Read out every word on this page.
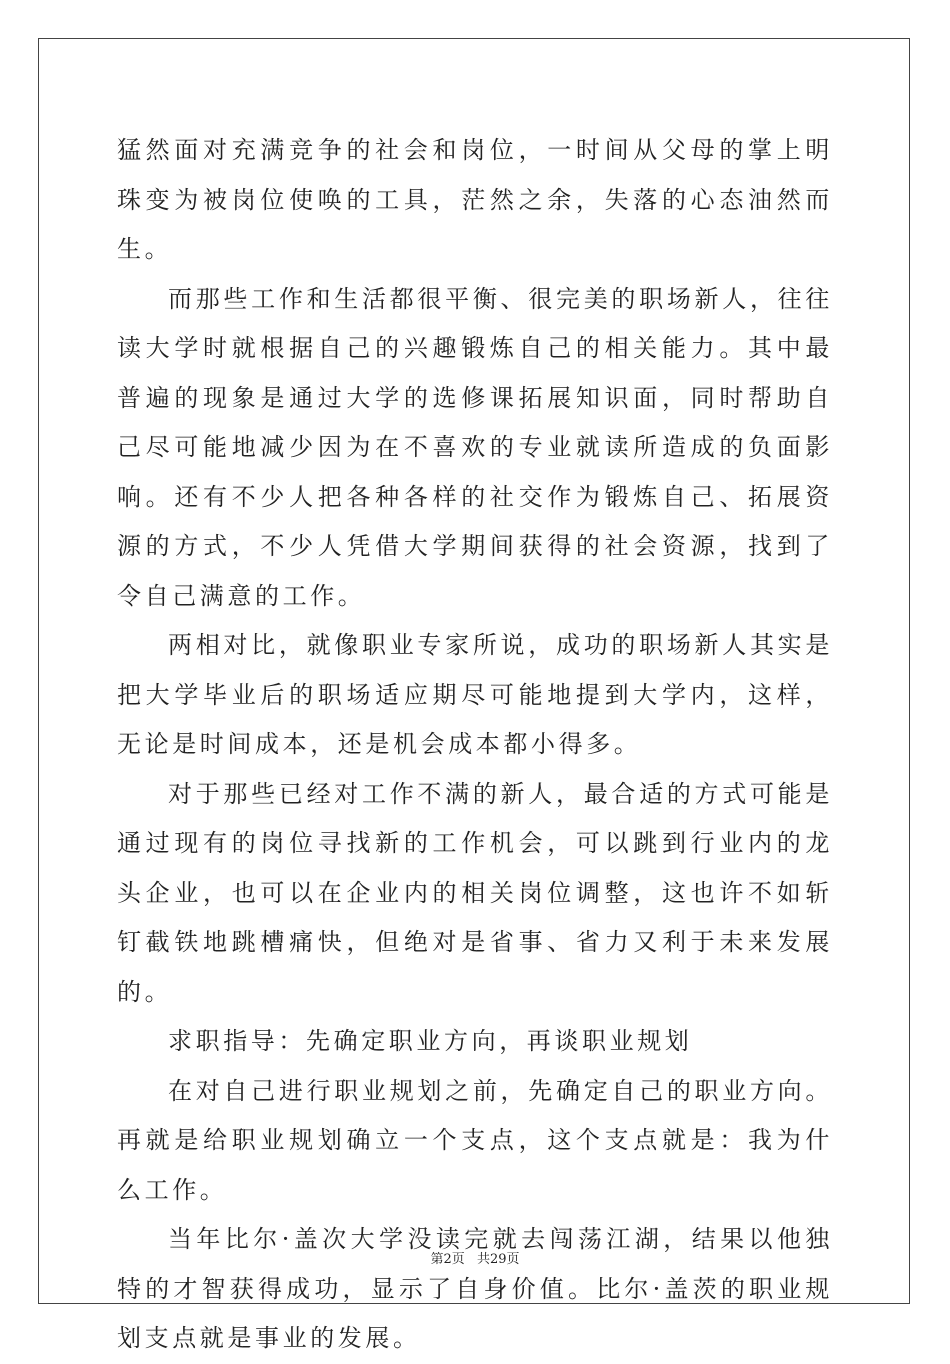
猛然面对充满竞争的社会和岗位，一时间从父母的掌上明珠变为被岗位使唤的工具，茫然之余，失落的心态油然而生。

而那些工作和生活都很平衡、很完美的职场新人，往往读大学时就根据自己的兴趣锻炼自己的相关能力。其中最普遍的现象是通过大学的选修课拓展知识面，同时帮助自己尽可能地减少因为在不喜欢的专业就读所造成的负面影响。还有不少人把各种各样的社交作为锻炼自己、拓展资源的方式，不少人凭借大学期间获得的社会资源，找到了令自己满意的工作。

两相对比，就像职业专家所说，成功的职场新人其实是把大学毕业后的职场适应期尽可能地提到大学内，这样，无论是时间成本，还是机会成本都小得多。

对于那些已经对工作不满的新人，最合适的方式可能是通过现有的岗位寻找新的工作机会，可以跳到行业内的龙头企业，也可以在企业内的相关岗位调整，这也许不如斩钉截铁地跳槽痛快，但绝对是省事、省力又利于未来发展的。

求职指导：先确定职业方向，再谈职业规划

在对自己进行职业规划之前，先确定自己的职业方向。再就是给职业规划确立一个支点，这个支点就是：我为什么工作。

当年比尔·盖次大学没读完就去闯荡江湖，结果以他独特的才智获得成功，显示了自身价值。比尔·盖茨的职业规划支点就是事业的发展。

第2页 共29页
